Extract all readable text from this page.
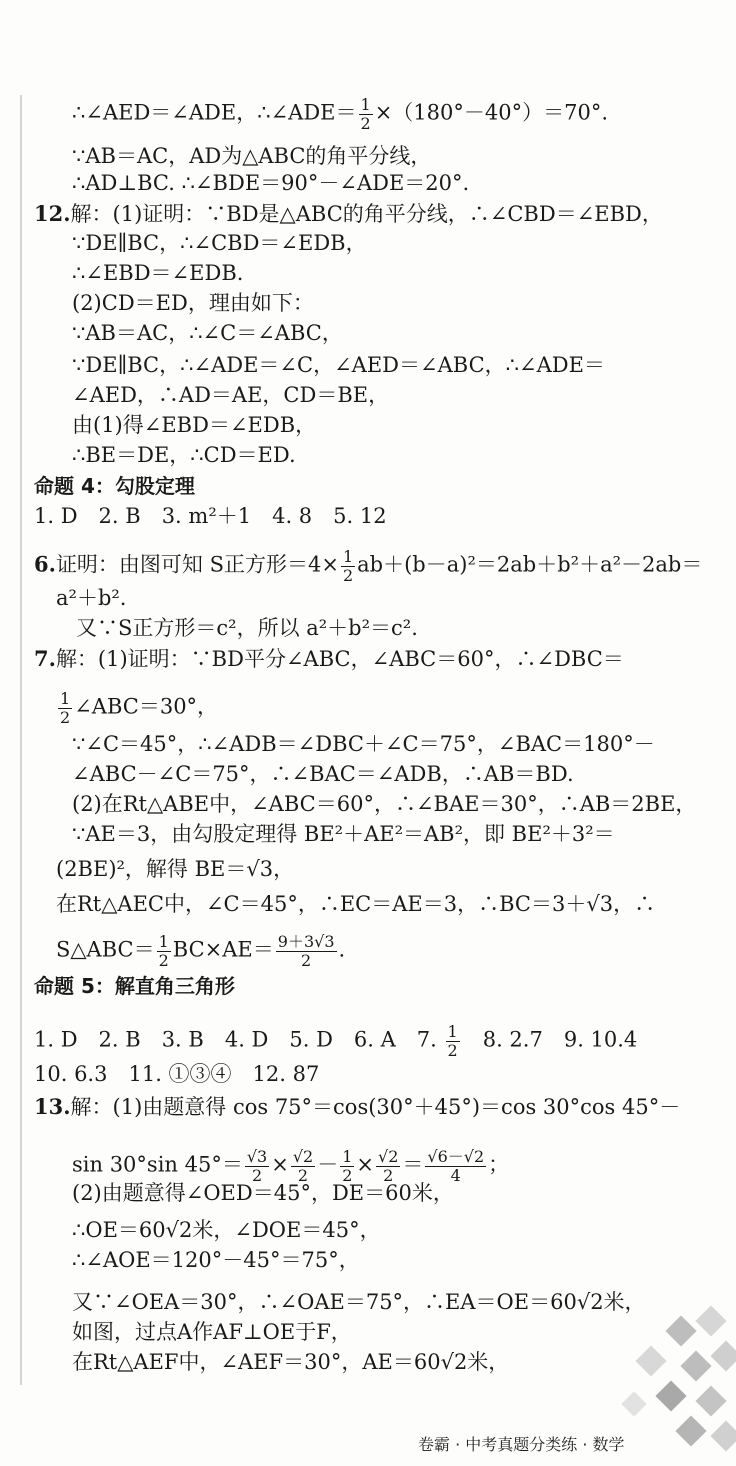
∴∠AED＝∠ADE，∴∠ADE＝ $\frac{1}{2} \times(180^\circ-40^\circ)=70^\circ$.
∵AB＝AC，AD为△ABC的角平分线，
∴AD⊥BC. ∴∠BDE＝90°－∠ADE＝20°.
12.解：(1)证明：∵BD是△ABC的角平分线，∴∠CBD＝∠EBD，
∵DE∥BC，∴∠CBD＝∠EDB，
∴∠EBD＝∠EDB.
(2)CD＝ED，理由如下：
∵AB＝AC，∴∠C＝∠ABC，
∵DE∥BC，∴∠ADE＝∠C，∠AED＝∠ABC，∴∠ADE＝
∠AED，∴AD＝AE，CD＝BE，
由(1)得∠EBD＝∠EDB，
∴BE＝DE，∴CD＝ED.
命题 4：勾股定理
1. D　2. B　3. m²＋1　4. 8　5. 12
6.证明：由图可知 S正方形$=4\times \frac{1}{2} ab+(b-a)^2=2ab+b^2+a^2-2ab=$
a²＋b².
又∵S正方形＝c²，所以 a²＋b²＝c².
7.解：(1)证明：∵BD平分∠ABC，∠ABC＝60°，∴∠DBC＝
$\frac{1}{2}$ ∠ABC＝30°，
∵∠C＝45°，∴∠ADB＝∠DBC＋∠C＝75°，∠BAC＝180°－
∠ABC－∠C＝75°，∴∠BAC＝∠ADB，∴AB＝BD.
(2)在Rt△ABE中，∠ABC＝60°，∴∠BAE＝30°，∴AB＝2BE，
∵AE＝3，由勾股定理得 BE²＋AE²＝AB²，即 BE²＋3²＝
(2BE)²，解得 BE＝√3，
在Rt△AEC中，∠C＝45°，∴EC＝AE＝3，∴BC＝3＋√3，∴
S△ABC＝ $\frac{1}{2} BC\times AE= \frac{9+3√3}{2}$ .
命题 5：解直角三角形
1. D　2. B　3. B　4. D　5. D　6. A　7. $\frac{1}{2}$ 　8. 2.7　9. 10.4
10. 6.3　11. ①③④　12. 87
13.解：(1)由题意得 cos 75°＝cos(30°＋45°)＝cos 30°cos 45°－
sin 30°sin $45^\circ= \frac{√3}{2} \times \frac{√2}{2} - \frac{1}{2} \times \frac{√2}{2} = \frac{√6-√2}{4}$ ；
(2)由题意得∠OED＝45°，DE＝60米，
∴OE＝60√2米，∠DOE＝45°，
∴∠AOE＝120°－45°＝75°，
又∵∠OEA＝30°，∴∠OAE＝75°，∴EA＝OE＝60√2米，
如图，过点A作AF⊥OE于F，
在Rt△AEF中，∠AEF＝30°，AE＝60√2米，
卷霸 · 中考真题分类练 · 数学
